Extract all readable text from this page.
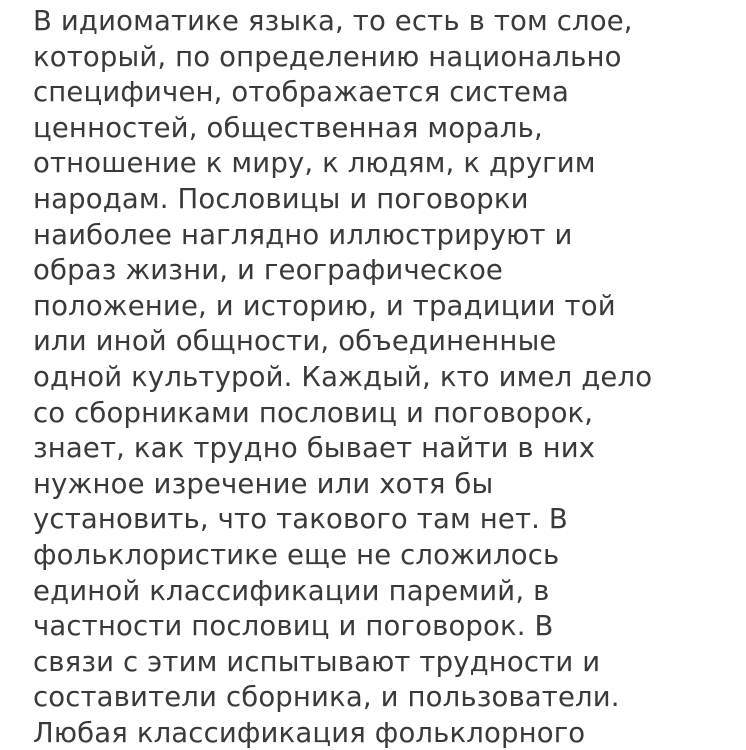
В идиоматике языка, то есть в том слое,
который, по определению национально
специфичен, отображается система
ценностей, общественная мораль,
отношение к миру, к людям, к другим
народам. Пословицы и поговорки
наиболее наглядно иллюстрируют и
образ жизни, и географическое
положение, и историю, и традиции той
или иной общности, объединенные
одной культурой. Каждый, кто имел дело
со сборниками пословиц и поговорок,
знает, как трудно бывает найти в них
нужное изречение или хотя бы
установить, что такового там нет. В
фольклористике еще не сложилось
единой классификации паремий, в
частности пословиц и поговорок. В
связи с этим испытывают трудности и
составители сборника, и пользователи.
Любая классификация фольклорного
